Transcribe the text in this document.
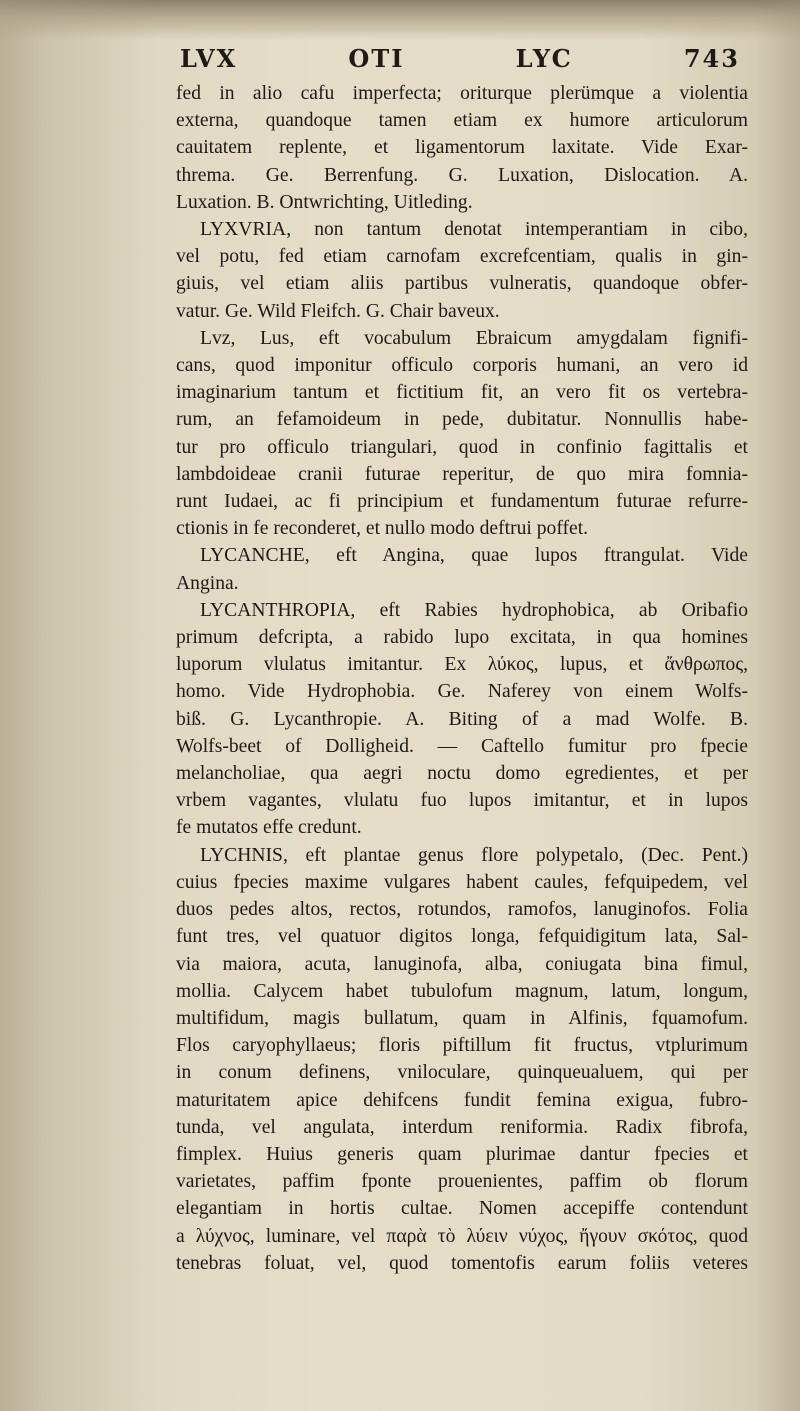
LVX	OTI	LYC	743
fed in alio cafu imperfecta; oriturque plerümque a violentia
externa, quandoque tamen etiam ex humore articulorum
cauitatem replente, et ligamentorum laxitate. Vide Exar-
threma. Ge. Berrenfung. G. Luxation, Dislocation. A.
Luxation. B. Ontwrichting, Uitleding.
LYXVRIA, non tantum denotat intemperantiam in cibo,
vel potu, fed etiam carnofam excrefcentiam, qualis in gin-
giuis, vel etiam aliis partibus vulneratis, quandoque obfer-
vatur. Ge. Wild Fleifch. G. Chair baveux.
Lvz, Lus, eft vocabulum Ebraicum amygdalam fignifi-
cans, quod imponitur officulo corporis humani, an vero id
imaginarium tantum et fictitium fit, an vero fit os vertebra-
rum, an fefamoideum in pede, dubitatur. Nonnullis habe-
tur pro officulo triangulari, quod in confinio fagittalis et
lambdoideae cranii futurae reperitur, de quo mira fomnia-
runt Iudaei, ac fi principium et fundamentum futurae refurre-
ctionis in fe reconderet, et nullo modo deftrui poffet.
LYCANCHE, eft Angina, quae lupos ftrangulat. Vide
Angina.
LYCANTHROPIA, eft Rabies hydrophobica, ab Oribafio
primum defcripta, a rabido lupo excitata, in qua homines
luporum vlulatus imitantur. Ex λύκος, lupus, et ἄνθρωπος,
homo. Vide Hydrophobia. Ge. Naferey von einem Wolfs-
biß. G. Lycanthropie. A. Biting of a mad Wolfe. B.
Wolfs-beet of Dolligheid. — Caftello fumitur pro fpecie
melancholiae, qua aegri noctu domo egredientes, et per
vrbem vagantes, vlulatu fuo lupos imitantur, et in lupos
fe mutatos effe credunt.
LYCHNIS, eft plantae genus flore polypetalo, (Dec. Pent.)
cuius fpecies maxime vulgares habent caules, fefquipedem, vel
duos pedes altos, rectos, rotundos, ramofos, lanuginofos. Folia
funt tres, vel quatuor digitos longa, fefquidigitum lata, Sal-
via maiora, acuta, lanuginofa, alba, coniugata bina fimul,
mollia. Calycem habet tubulofum magnum, latum, longum,
multifidum, magis bullatum, quam in Alfinis, fquamofum.
Flos caryophyllaeus; floris piftillum fit fructus, vtplurimum
in conum definens, vniloculare, quinqueualuem, qui per
maturitatem apice dehifcens fundit femina exigua, fubro-
tunda, vel angulata, interdum reniformia. Radix fibrofa,
fimplex. Huius generis quam plurimae dantur fpecies et
varietates, paffim fponte prouenientes, paffim ob florum
elegantiam in hortis cultae. Nomen accepiffe contendunt
a λύχνος, luminare, vel παρὰ τὸ λύειν νύχος, ἤγουν σκότος, quod
tenebras foluat, vel, quod tomentofis earum foliis veteres
